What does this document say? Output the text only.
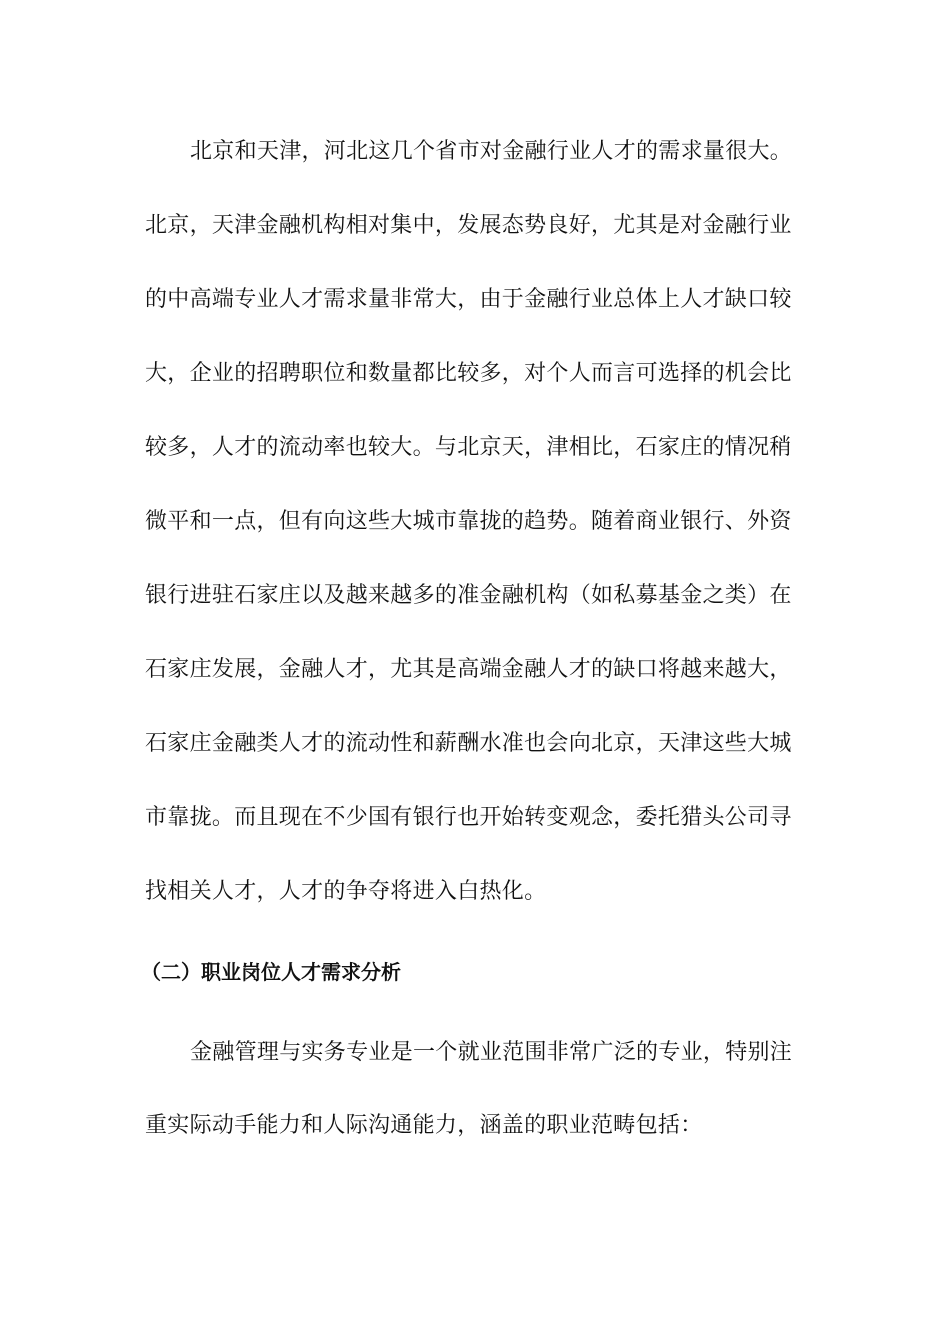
北京和天津，河北这几个省市对金融行业人才的需求量很大。
北京，天津金融机构相对集中，发展态势良好，尤其是对金融行业
的中高端专业人才需求量非常大，由于金融行业总体上人才缺口较
大，企业的招聘职位和数量都比较多，对个人而言可选择的机会比
较多，人才的流动率也较大。与北京天，津相比，石家庄的情况稍
微平和一点，但有向这些大城市靠拢的趋势。随着商业银行、外资
银行进驻石家庄以及越来越多的准金融机构（如私募基金之类）在
石家庄发展，金融人才，尤其是高端金融人才的缺口将越来越大，
石家庄金融类人才的流动性和薪酬水准也会向北京，天津这些大城
市靠拢。而且现在不少国有银行也开始转变观念，委托猎头公司寻
找相关人才，人才的争夺将进入白热化。
（二）职业岗位人才需求分析
金融管理与实务专业是一个就业范围非常广泛的专业，特别注
重实际动手能力和人际沟通能力，涵盖的职业范畴包括：
